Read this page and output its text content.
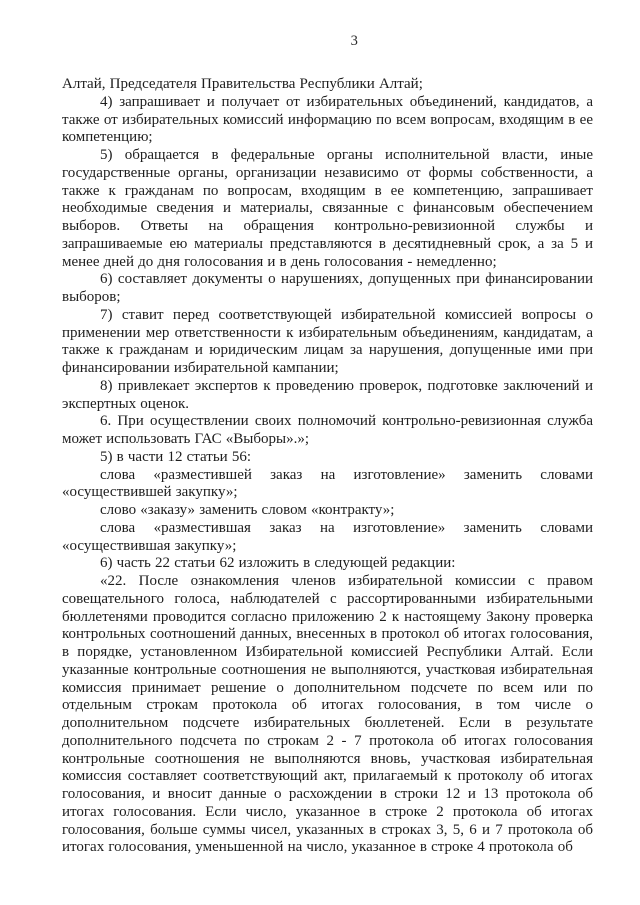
3

Алтай, Председателя Правительства Республики Алтай;

4) запрашивает и получает от избирательных объединений, кандидатов, а также от избирательных комиссий информацию по всем вопросам, входящим в ее компетенцию;

5) обращается в федеральные органы исполнительной власти, иные государственные органы, организации независимо от формы собственности, а также к гражданам по вопросам, входящим в ее компетенцию, запрашивает необходимые сведения и материалы, связанные с финансовым обеспечением выборов. Ответы на обращения контрольно-ревизионной службы и запрашиваемые ею материалы представляются в десятидневный срок, а за 5 и менее дней до дня голосования и в день голосования - немедленно;

6) составляет документы о нарушениях, допущенных при финансировании выборов;

7) ставит перед соответствующей избирательной комиссией вопросы о применении мер ответственности к избирательным объединениям, кандидатам, а также к гражданам и юридическим лицам за нарушения, допущенные ими при финансировании избирательной кампании;

8) привлекает экспертов к проведению проверок, подготовке заключений и экспертных оценок.

6. При осуществлении своих полномочий контрольно-ревизионная служба может использовать ГАС «Выборы».»;

5) в части 12 статьи 56:

слова «разместившей заказ на изготовление» заменить словами «осуществившей закупку»;

слово «заказу» заменить словом «контракту»;

слова «разместившая заказ на изготовление» заменить словами «осуществившая закупку»;

6) часть 22 статьи 62 изложить в следующей редакции:

«22. После ознакомления членов избирательной комиссии с правом совещательного голоса, наблюдателей с рассортированными избирательными бюллетенями проводится согласно приложению 2 к настоящему Закону проверка контрольных соотношений данных, внесенных в протокол об итогах голосования, в порядке, установленном Избирательной комиссией Республики Алтай. Если указанные контрольные соотношения не выполняются, участковая избирательная комиссия принимает решение о дополнительном подсчете по всем или по отдельным строкам протокола об итогах голосования, в том числе о дополнительном подсчете избирательных бюллетеней. Если в результате дополнительного подсчета по строкам 2 - 7 протокола об итогах голосования контрольные соотношения не выполняются вновь, участковая избирательная комиссия составляет соответствующий акт, прилагаемый к протоколу об итогах голосования, и вносит данные о расхождении в строки 12 и 13 протокола об итогах голосования. Если число, указанное в строке 2 протокола об итогах голосования, больше суммы чисел, указанных в строках 3, 5, 6 и 7 протокола об итогах голосования, уменьшенной на число, указанное в строке 4 протокола об
